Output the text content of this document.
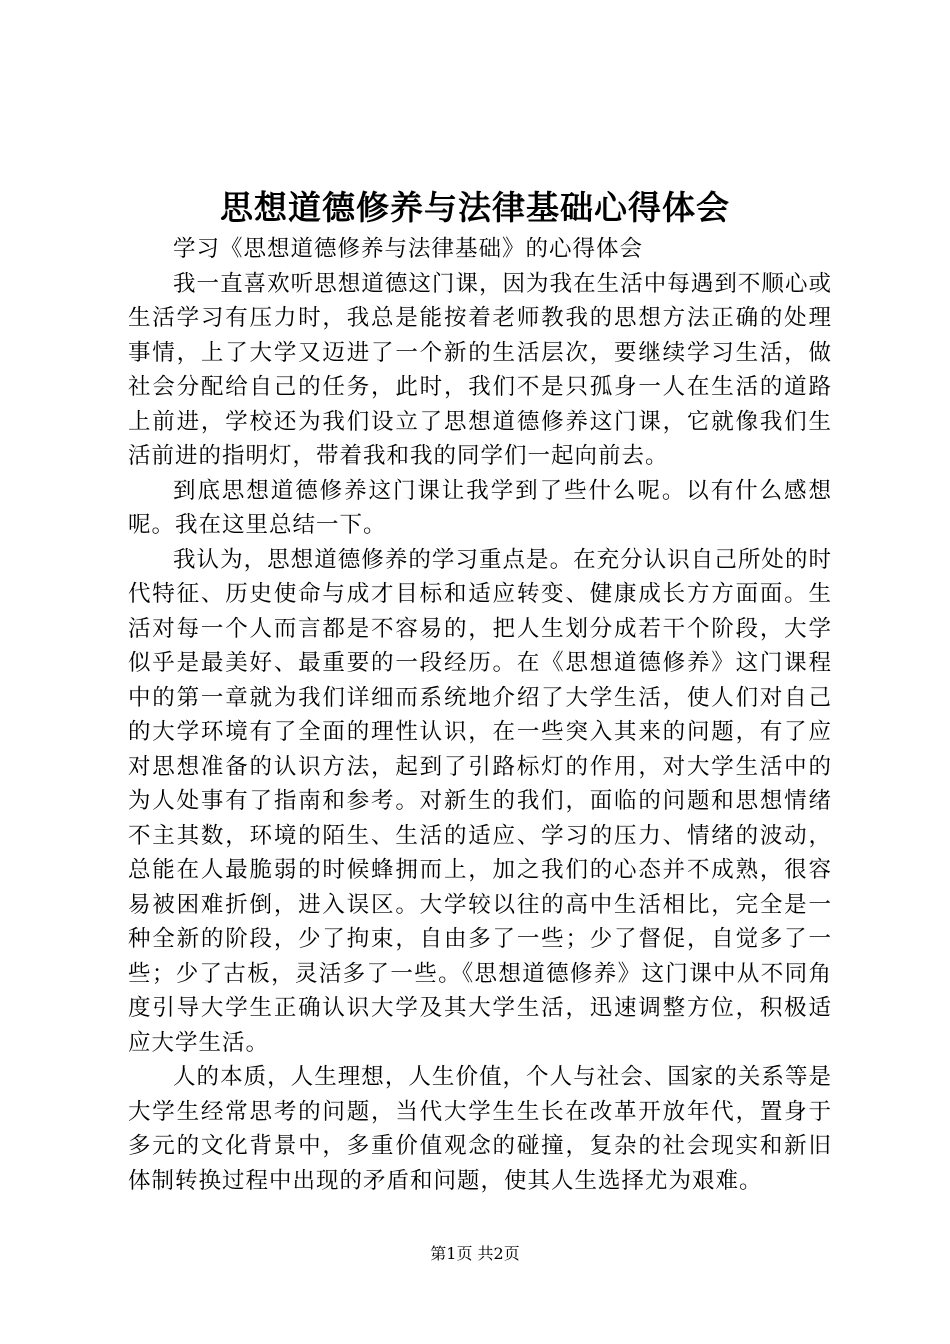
思想道德修养与法律基础心得体会

学习《思想道德修养与法律基础》的心得体会

我一直喜欢听思想道德这门课，因为我在生活中每遇到不顺心或生活学习有压力时，我总是能按着老师教我的思想方法正确的处理事情，上了大学又迈进了一个新的生活层次，要继续学习生活，做社会分配给自己的任务，此时，我们不是只孤身一人在生活的道路上前进，学校还为我们设立了思想道德修养这门课，它就像我们生活前进的指明灯，带着我和我的同学们一起向前去。

到底思想道德修养这门课让我学到了些什么呢。以有什么感想呢。我在这里总结一下。

我认为，思想道德修养的学习重点是。在充分认识自己所处的时代特征、历史使命与成才目标和适应转变、健康成长方方面面。生活对每一个人而言都是不容易的，把人生划分成若干个阶段，大学似乎是最美好、最重要的一段经历。在《思想道德修养》这门课程中的第一章就为我们详细而系统地介绍了大学生活，使人们对自己的大学环境有了全面的理性认识，在一些突入其来的问题，有了应对思想准备的认识方法，起到了引路标灯的作用，对大学生活中的为人处事有了指南和参考。对新生的我们，面临的问题和思想情绪不主其数，环境的陌生、生活的适应、学习的压力、情绪的波动，总能在人最脆弱的时候蜂拥而上，加之我们的心态并不成熟，很容易被困难折倒，进入误区。大学较以往的高中生活相比，完全是一种全新的阶段，少了拘束，自由多了一些；少了督促，自觉多了一些；少了古板，灵活多了一些。《思想道德修养》这门课中从不同角度引导大学生正确认识大学及其大学生活，迅速调整方位，积极适应大学生活。

人的本质，人生理想，人生价值，个人与社会、国家的关系等是大学生经常思考的问题，当代大学生生长在改革开放年代，置身于多元的文化背景中，多重价值观念的碰撞，复杂的社会现实和新旧体制转换过程中出现的矛盾和问题，使其人生选择尤为艰难。

第1页 共2页
